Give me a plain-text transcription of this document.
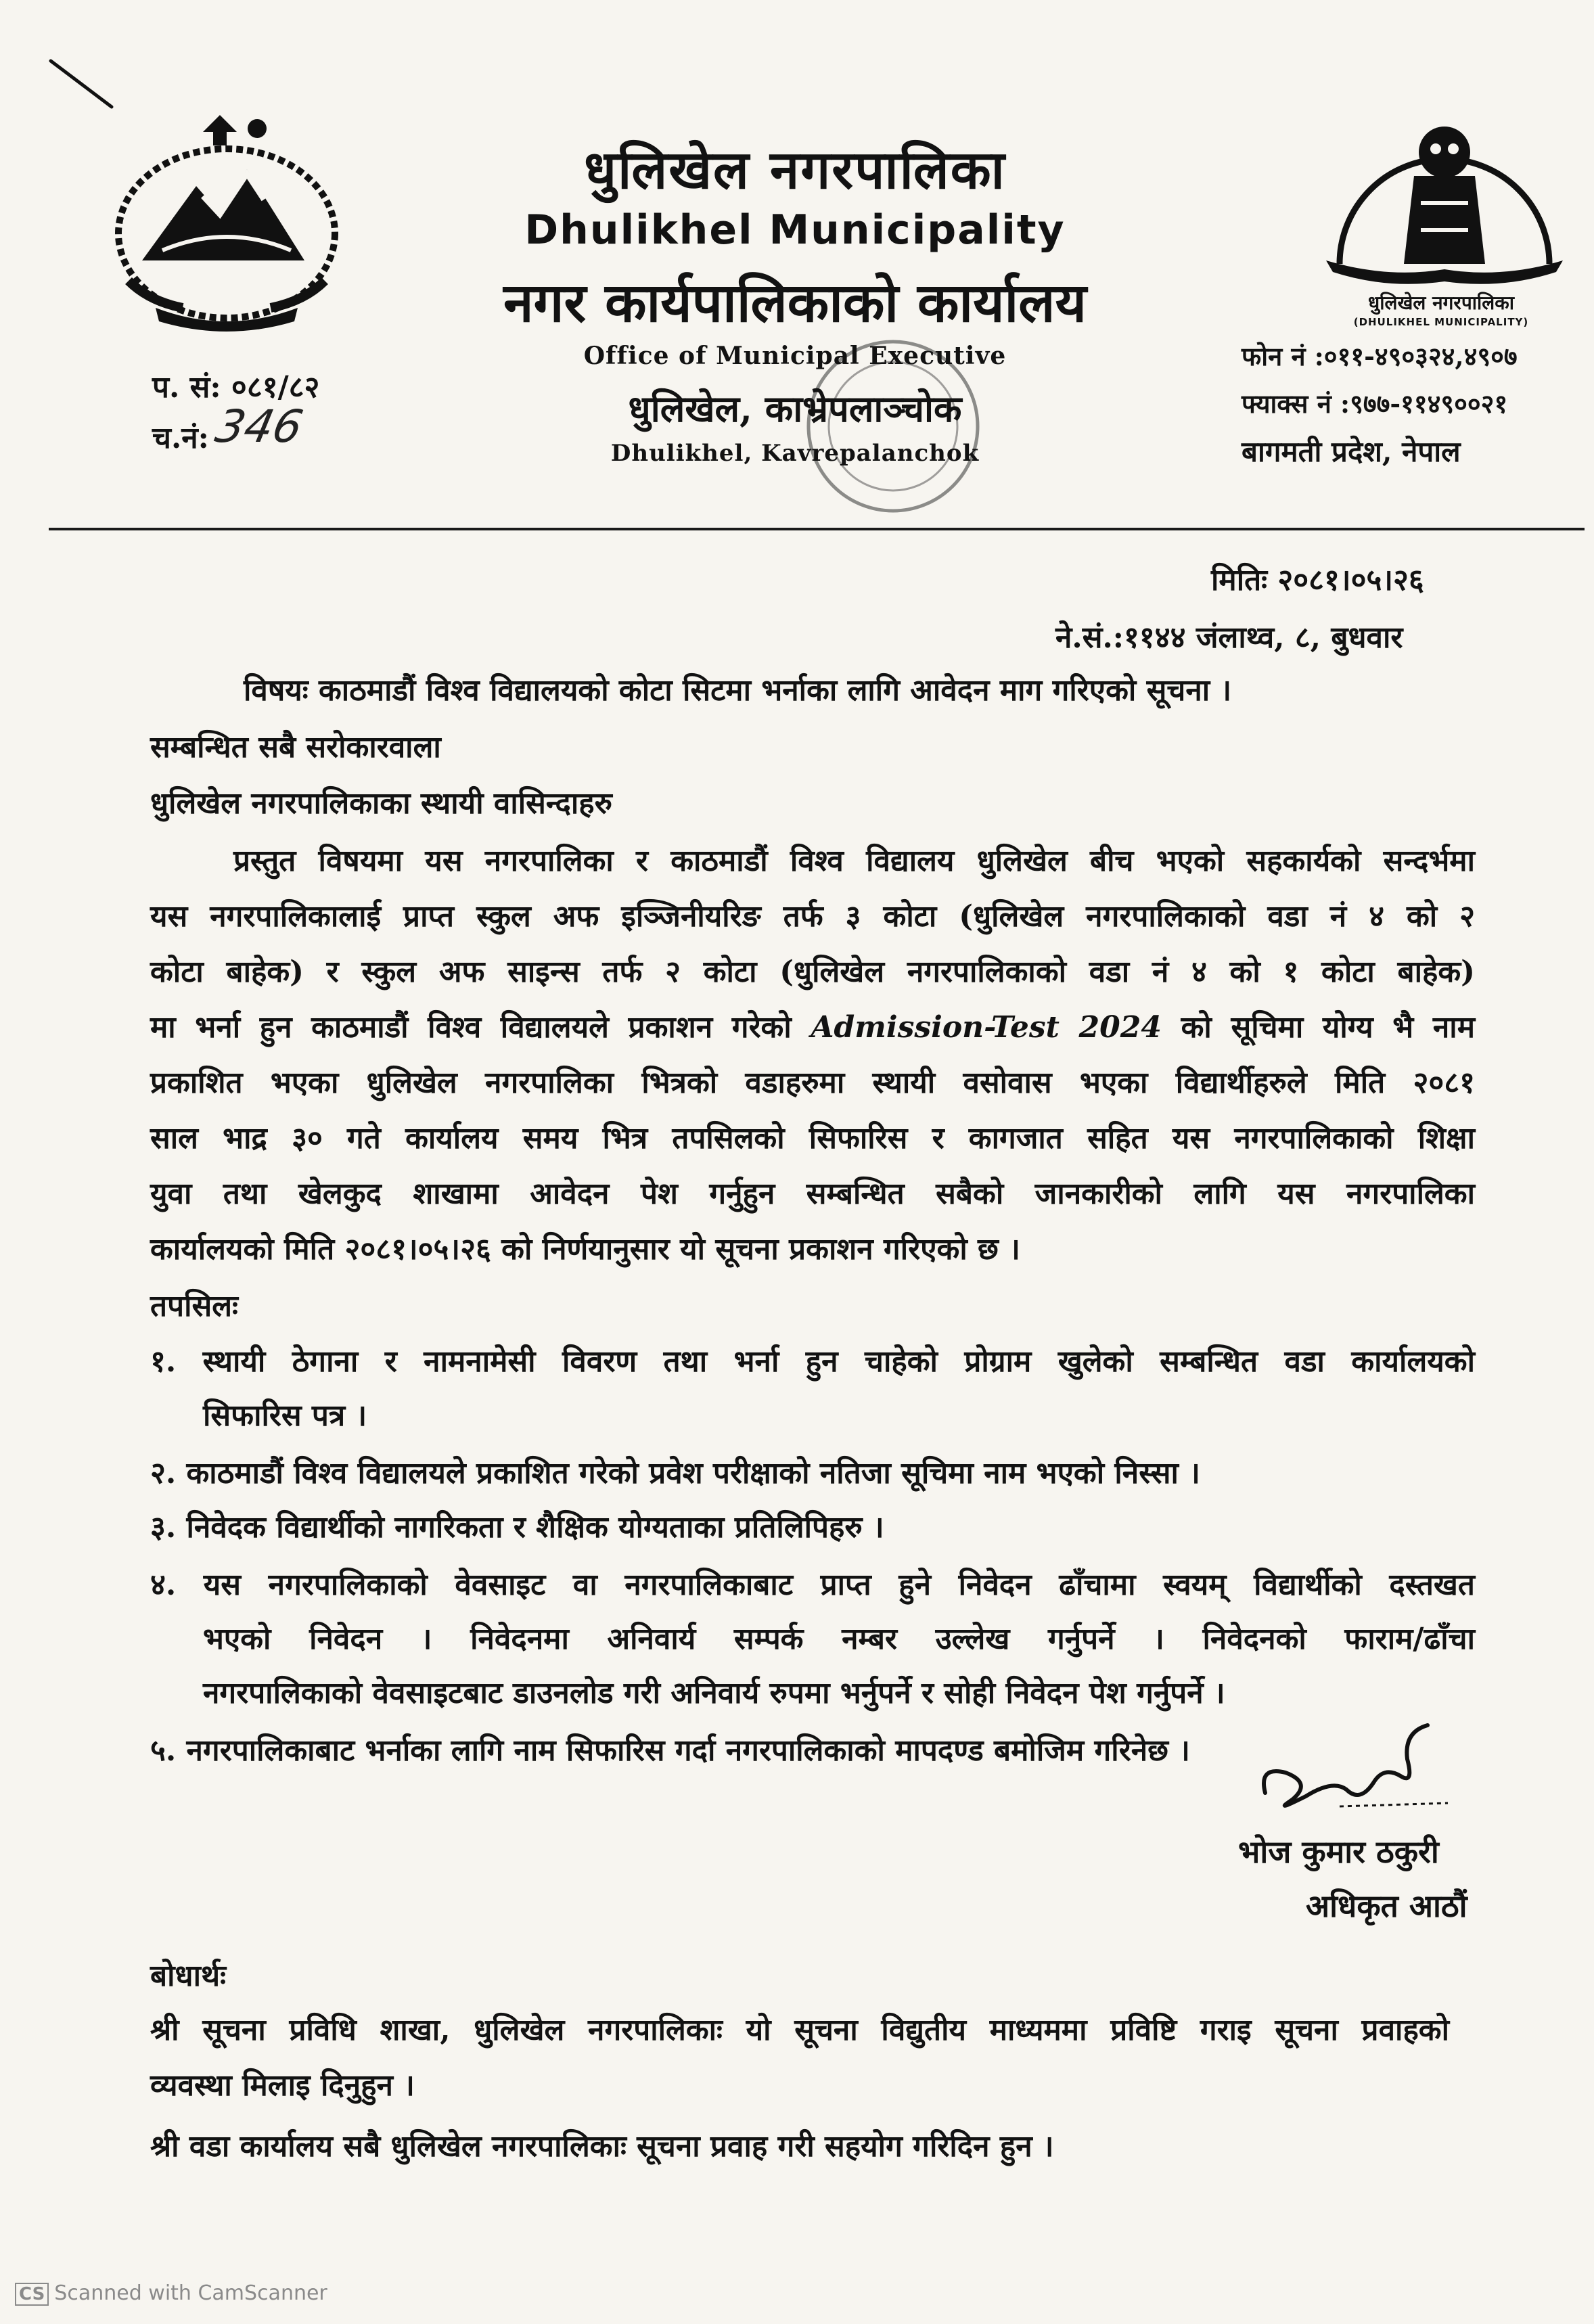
धुलिखेल नगरपालिका
Dhulikhel Municipality
नगर कार्यपालिकाको कार्यालय
Office of Municipal Executive
धुलिखेल, काभ्रेपलाञ्चोक
Dhulikhel, Kavrepalanchok
प. सं: ०८१/८२
च.नं: 346
धुलिखेल नगरपालिका
(DHULIKHEL MUNICIPALITY)
फोन नं :०११-४९०३२४,४९०७
फ्याक्स नं :९७७-११४९००२१
बागमती प्रदेश, नेपाल
मितिः २०८१।०५।२६
ने.सं.:११४४ जंलाथ्व, ८, बुधवार
विषयः काठमाडौं विश्व विद्यालयको कोटा सिटमा भर्नाका लागि आवेदन माग गरिएको सूचना ।
सम्बन्धित सबै सरोकारवाला
धुलिखेल नगरपालिकाका स्थायी वासिन्दाहरु
प्रस्तुत विषयमा यस नगरपालिका र काठमाडौं विश्व विद्यालय धुलिखेल बीच भएको सहकार्यको सन्दर्भमा
यस नगरपालिकालाई प्राप्त स्कुल अफ इञ्जिनीयरिङ तर्फ ३ कोटा (धुलिखेल नगरपालिकाको वडा नं ४ को २
कोटा बाहेक) र स्कुल अफ साइन्स तर्फ २ कोटा (धुलिखेल नगरपालिकाको वडा नं ४ को १ कोटा बाहेक)
मा भर्ना हुन काठमाडौं विश्व विद्यालयले प्रकाशन गरेको Admission-Test 2024 को सूचिमा योग्य भै नाम
प्रकाशित भएका धुलिखेल नगरपालिका भित्रको वडाहरुमा स्थायी वसोवास भएका विद्यार्थीहरुले मिति २०८१
साल भाद्र ३० गते कार्यालय समय भित्र तपसिलको सिफारिस र कागजात सहित यस नगरपालिकाको शिक्षा
युवा तथा खेलकुद शाखामा आवेदन पेश गर्नुहुन सम्बन्धित सबैको जानकारीको लागि यस नगरपालिका
कार्यालयको मिति २०८१।०५।२६ को निर्णयानुसार यो सूचना प्रकाशन गरिएको छ ।
तपसिलः
१. स्थायी ठेगाना र नामनामेसी विवरण तथा भर्ना हुन चाहेको प्रोग्राम खुलेको सम्बन्धित वडा कार्यालयको
सिफारिस पत्र ।
२. काठमाडौं विश्व विद्यालयले प्रकाशित गरेको प्रवेश परीक्षाको नतिजा सूचिमा नाम भएको निस्सा ।
३. निवेदक विद्यार्थीको नागरिकता र शैक्षिक योग्यताका प्रतिलिपिहरु ।
४. यस नगरपालिकाको वेवसाइट वा नगरपालिकाबाट प्राप्त हुने निवेदन ढाँचामा स्वयम् विद्यार्थीको दस्तखत
भएको निवेदन । निवेदनमा अनिवार्य सम्पर्क नम्बर उल्लेख गर्नुपर्ने । निवेदनको फाराम/ढाँचा
नगरपालिकाको वेवसाइटबाट डाउनलोड गरी अनिवार्य रुपमा भर्नुपर्ने र सोही निवेदन पेश गर्नुपर्ने ।
५. नगरपालिकाबाट भर्नाका लागि नाम सिफारिस गर्दा नगरपालिकाको मापदण्ड बमोजिम गरिनेछ ।
भोज कुमार ठकुरी
अधिकृत आठौं
बोधार्थः
श्री सूचना प्रविधि शाखा, धुलिखेल नगरपालिकाः यो सूचना विद्युतीय माध्यममा प्रविष्टि गराइ सूचना प्रवाहको
व्यवस्था मिलाइ दिनुहुन ।
श्री वडा कार्यालय सबै धुलिखेल नगरपालिकाः सूचना प्रवाह गरी सहयोग गरिदिन हुन ।
CS Scanned with CamScanner
